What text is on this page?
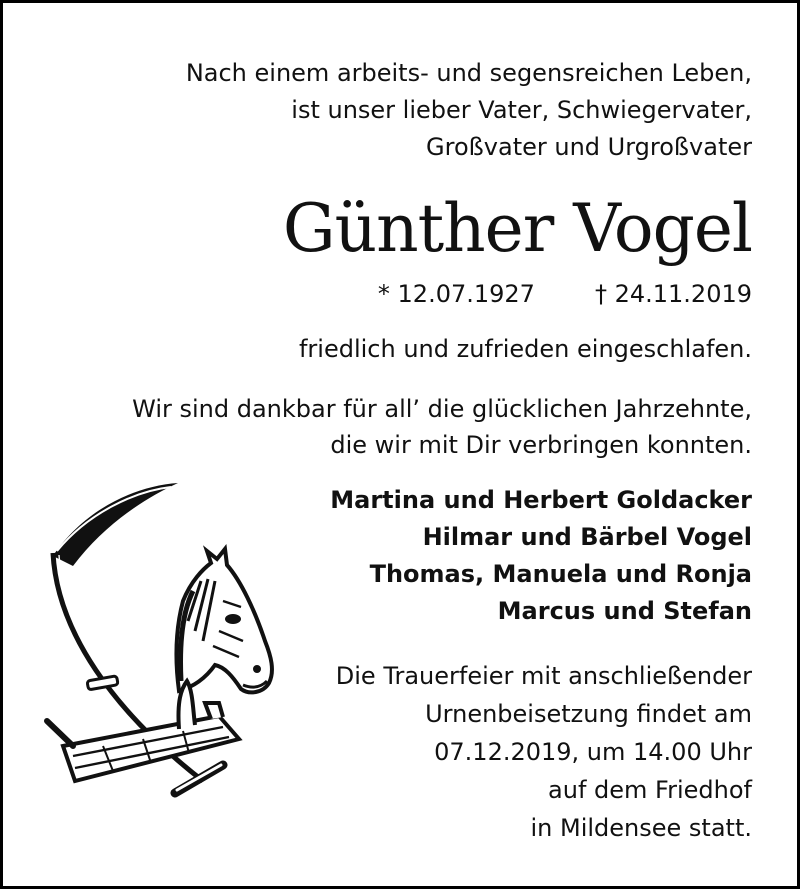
Nach einem arbeits- und segensreichen Leben,
ist unser lieber Vater, Schwiegervater,
Großvater und Urgroßvater
Günther Vogel
* 12.07.1927	† 24.11.2019
friedlich und zufrieden eingeschlafen.
Wir sind dankbar für all’ die glücklichen Jahrzehnte,
die wir mit Dir verbringen konnten.
Martina und Herbert Goldacker
Hilmar und Bärbel Vogel
Thomas, Manuela und Ronja
Marcus und Stefan
Die Trauerfeier mit anschließender
Urnenbeisetzung findet am
07.12.2019, um 14.00 Uhr
auf dem Friedhof
in Mildensee statt.
